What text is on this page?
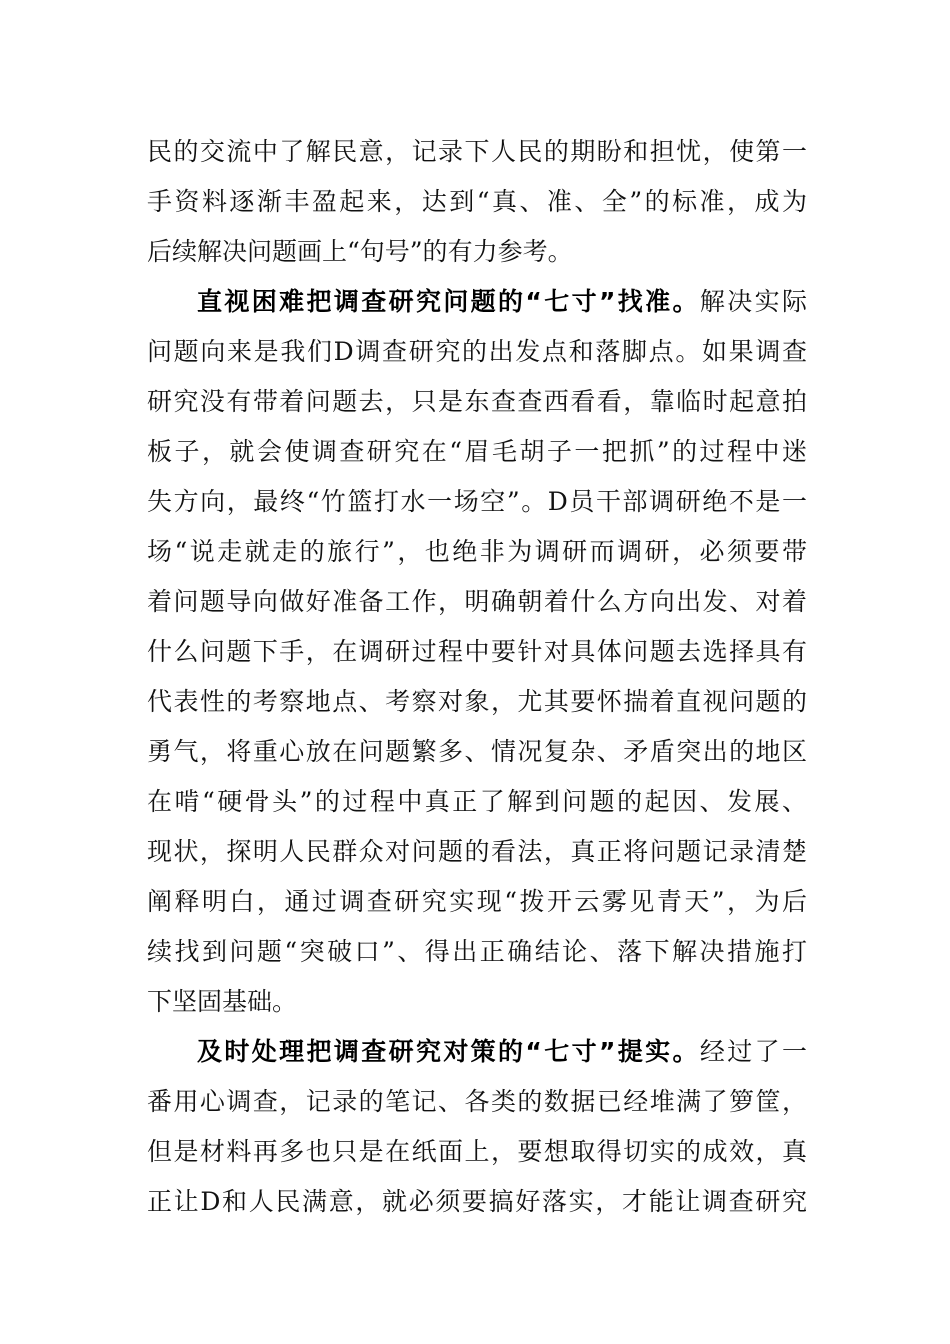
民的交流中了解民意，记录下人民的期盼和担忧，使第一
手资料逐渐丰盈起来，达到“真、准、全”的标准，成为
后续解决问题画上“句号”的有力参考。
直视困难把调查研究问题的“七寸”找准。解决实际
问题向来是我们D调查研究的出发点和落脚点。如果调查
研究没有带着问题去，只是东查查西看看，靠临时起意拍
板子，就会使调查研究在“眉毛胡子一把抓”的过程中迷
失方向，最终“竹篮打水一场空”。D员干部调研绝不是一
场“说走就走的旅行”，也绝非为调研而调研，必须要带
着问题导向做好准备工作，明确朝着什么方向出发、对着
什么问题下手，在调研过程中要针对具体问题去选择具有
代表性的考察地点、考察对象，尤其要怀揣着直视问题的
勇气，将重心放在问题繁多、情况复杂、矛盾突出的地区
在啃“硬骨头”的过程中真正了解到问题的起因、发展、
现状，探明人民群众对问题的看法，真正将问题记录清楚
阐释明白，通过调查研究实现“拨开云雾见青天”，为后
续找到问题“突破口”、得出正确结论、落下解决措施打
下坚固基础。
及时处理把调查研究对策的“七寸”提实。经过了一
番用心调查，记录的笔记、各类的数据已经堆满了箩筐，
但是材料再多也只是在纸面上，要想取得切实的成效，真
正让D和人民满意，就必须要搞好落实，才能让调查研究
